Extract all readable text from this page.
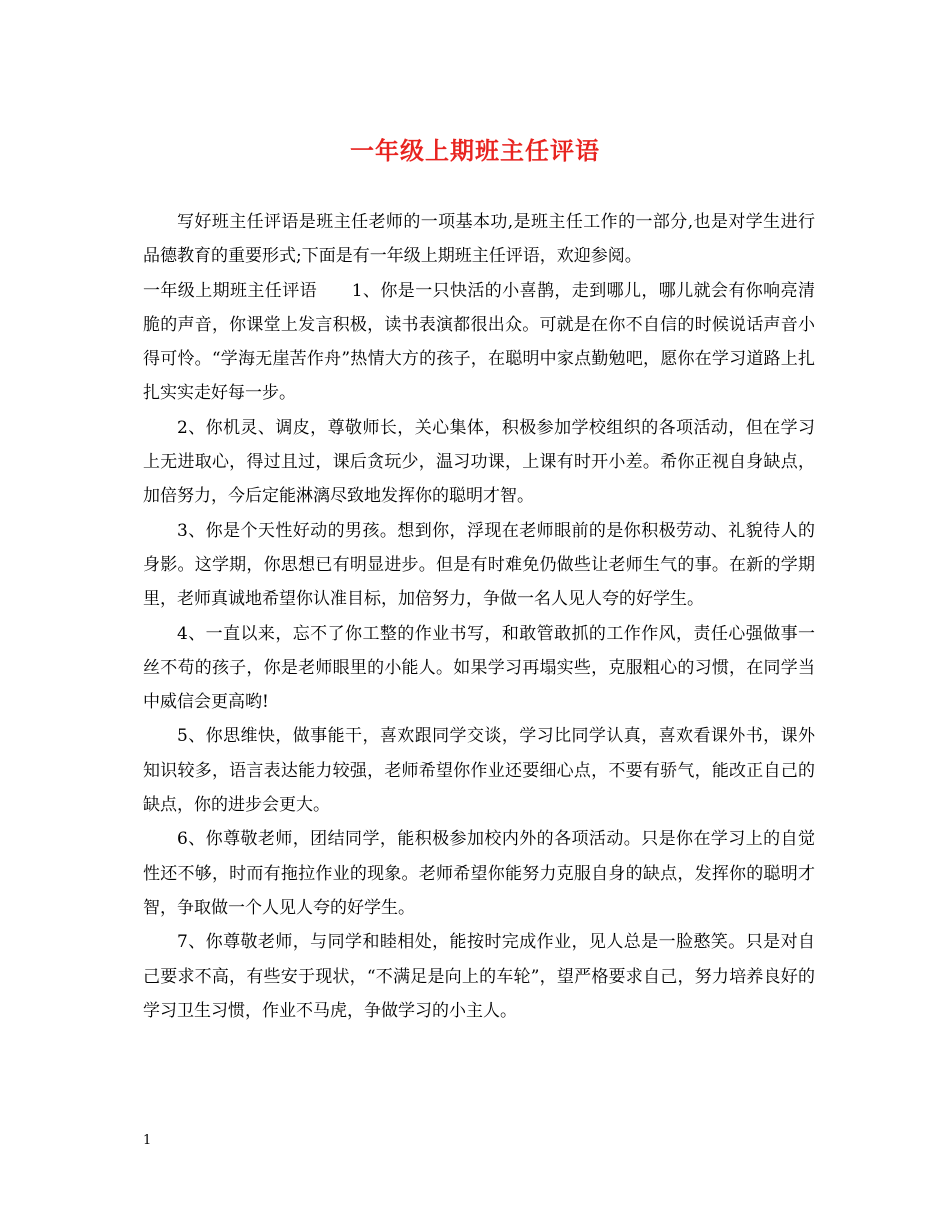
一年级上期班主任评语

写好班主任评语是班主任老师的一项基本功,是班主任工作的一部分,也是对学生进行品德教育的重要形式;下面是有一年级上期班主任评语，欢迎参阅。

一年级上期班主任评语　　1、你是一只快活的小喜鹊，走到哪儿，哪儿就会有你响亮清脆的声音，你课堂上发言积极，读书表演都很出众。可就是在你不自信的时候说话声音小得可怜。“学海无崖苦作舟”热情大方的孩子，在聪明中家点勤勉吧，愿你在学习道路上扎扎实实走好每一步。

2、你机灵、调皮，尊敬师长，关心集体，积极参加学校组织的各项活动，但在学习上无进取心，得过且过，课后贪玩少，温习功课，上课有时开小差。希你正视自身缺点，加倍努力，今后定能淋漓尽致地发挥你的聪明才智。

3、你是个天性好动的男孩。想到你，浮现在老师眼前的是你积极劳动、礼貌待人的身影。这学期，你思想已有明显进步。但是有时难免仍做些让老师生气的事。在新的学期里，老师真诚地希望你认准目标，加倍努力，争做一名人见人夸的好学生。

4、一直以来，忘不了你工整的作业书写，和敢管敢抓的工作作风，责任心强做事一丝不苟的孩子，你是老师眼里的小能人。如果学习再塌实些，克服粗心的习惯，在同学当中威信会更高哟!

5、你思维快，做事能干，喜欢跟同学交谈，学习比同学认真，喜欢看课外书，课外知识较多，语言表达能力较强，老师希望你作业还要细心点，不要有骄气，能改正自己的缺点，你的进步会更大。

6、你尊敬老师，团结同学，能积极参加校内外的各项活动。只是你在学习上的自觉性还不够，时而有拖拉作业的现象。老师希望你能努力克服自身的缺点，发挥你的聪明才智，争取做一个人见人夸的好学生。

7、你尊敬老师，与同学和睦相处，能按时完成作业，见人总是一脸憨笑。只是对自己要求不高，有些安于现状，“不满足是向上的车轮”，望严格要求自己，努力培养良好的学习卫生习惯，作业不马虎，争做学习的小主人。

1
